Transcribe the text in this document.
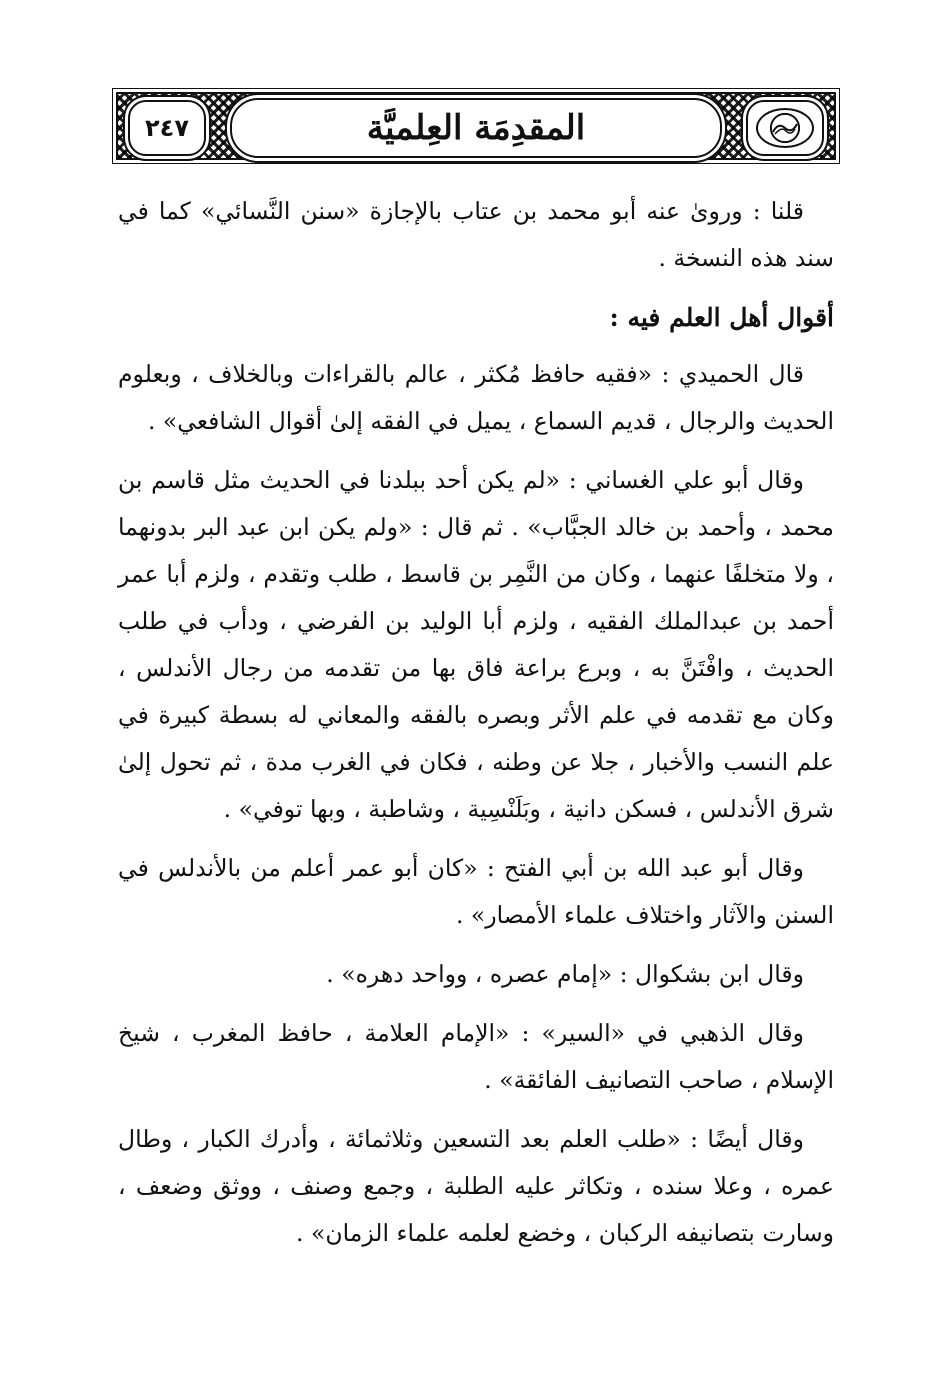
المقدِمَة العِلميَّة
٢٤٧

قلنا : وروىٰ عنه أبو محمد بن عتاب بالإجازة «سنن النَّسائي» كما في سند هذه النسخة .

أقوال أهل العلم فيه :

قال الحميدي : «فقيه حافظ مُكثر ، عالم بالقراءات وبالخلاف ، وبعلوم الحديث والرجال ، قديم السماع ، يميل في الفقه إلىٰ أقوال الشافعي» .

وقال أبو علي الغساني : «لم يكن أحد ببلدنا في الحديث مثل قاسم بن محمد ، وأحمد بن خالد الجبَّاب» . ثم قال : «ولم يكن ابن عبد البر بدونهما ، ولا متخلفًا عنهما ، وكان من النَّمِر بن قاسط ، طلب وتقدم ، ولزم أبا عمر أحمد بن عبدالملك الفقيه ، ولزم أبا الوليد بن الفرضي ، ودأب في طلب الحديث ، وافْتَنَّ به ، وبرع براعة فاق بها من تقدمه من رجال الأندلس ، وكان مع تقدمه في علم الأثر وبصره بالفقه والمعاني له بسطة كبيرة في علم النسب والأخبار ، جلا عن وطنه ، فكان في الغرب مدة ، ثم تحول إلىٰ شرق الأندلس ، فسكن دانية ، وبَلَنْسِية ، وشاطبة ، وبها توفي» .

وقال أبو عبد الله بن أبي الفتح : «كان أبو عمر أعلم من بالأندلس في السنن والآثار واختلاف علماء الأمصار» .

وقال ابن بشكوال : «إمام عصره ، وواحد دهره» .

وقال الذهبي في «السير» : «الإمام العلامة ، حافظ المغرب ، شيخ الإسلام ، صاحب التصانيف الفائقة» .

وقال أيضًا : «طلب العلم بعد التسعين وثلاثمائة ، وأدرك الكبار ، وطال عمره ، وعلا سنده ، وتكاثر عليه الطلبة ، وجمع وصنف ، ووثق وضعف ، وسارت بتصانيفه الركبان ، وخضع لعلمه علماء الزمان» .
